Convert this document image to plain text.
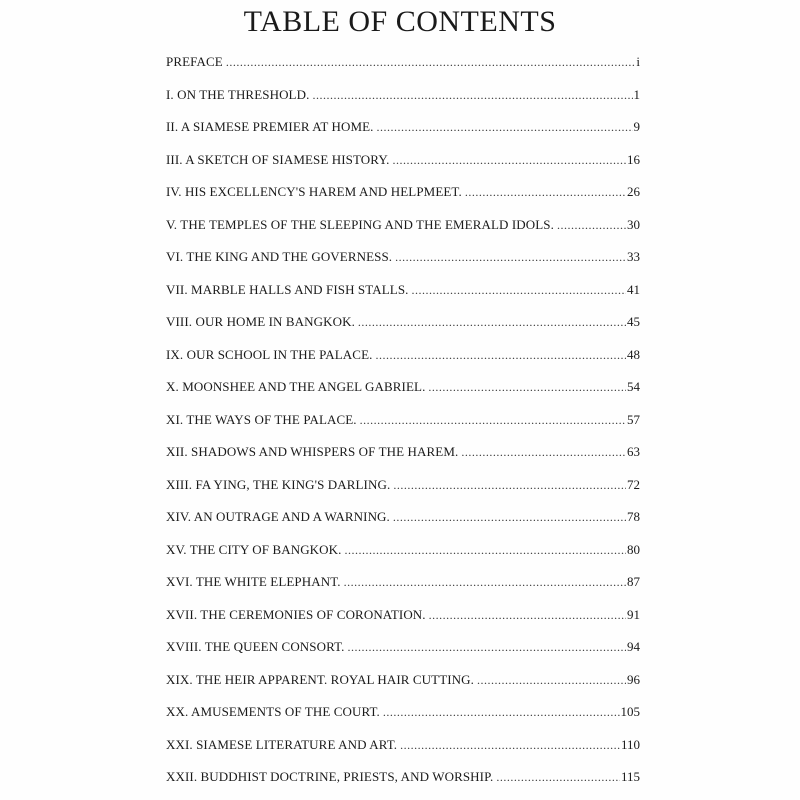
TABLE OF CONTENTS
PREFACE .....	i
I. ON THE THRESHOLD. .....	1
II. A SIAMESE PREMIER AT HOME. .....	9
III. A SKETCH OF SIAMESE HISTORY. .....	16
IV. HIS EXCELLENCY'S HAREM AND HELPMEET. .....	26
V. THE TEMPLES OF THE SLEEPING AND THE EMERALD IDOLS. .....	30
VI. THE KING AND THE GOVERNESS. .....	33
VII. MARBLE HALLS AND FISH STALLS. .....	41
VIII. OUR HOME IN BANGKOK. .....	45
IX. OUR SCHOOL IN THE PALACE. .....	48
X. MOONSHEE AND THE ANGEL GABRIEL. .....	54
XI. THE WAYS OF THE PALACE. .....	57
XII. SHADOWS AND WHISPERS OF THE HAREM. .....	63
XIII. FA YING, THE KING'S DARLING. .....	72
XIV. AN OUTRAGE AND A WARNING. .....	78
XV. THE CITY OF BANGKOK. .....	80
XVI. THE WHITE ELEPHANT. .....	87
XVII. THE CEREMONIES OF CORONATION. .....	91
XVIII. THE QUEEN CONSORT. .....	94
XIX. THE HEIR APPARENT. ROYAL HAIR CUTTING. .....	96
XX. AMUSEMENTS OF THE COURT. .....	105
XXI. SIAMESE LITERATURE AND ART. .....	110
XXII. BUDDHIST DOCTRINE, PRIESTS, AND WORSHIP. .....	115
